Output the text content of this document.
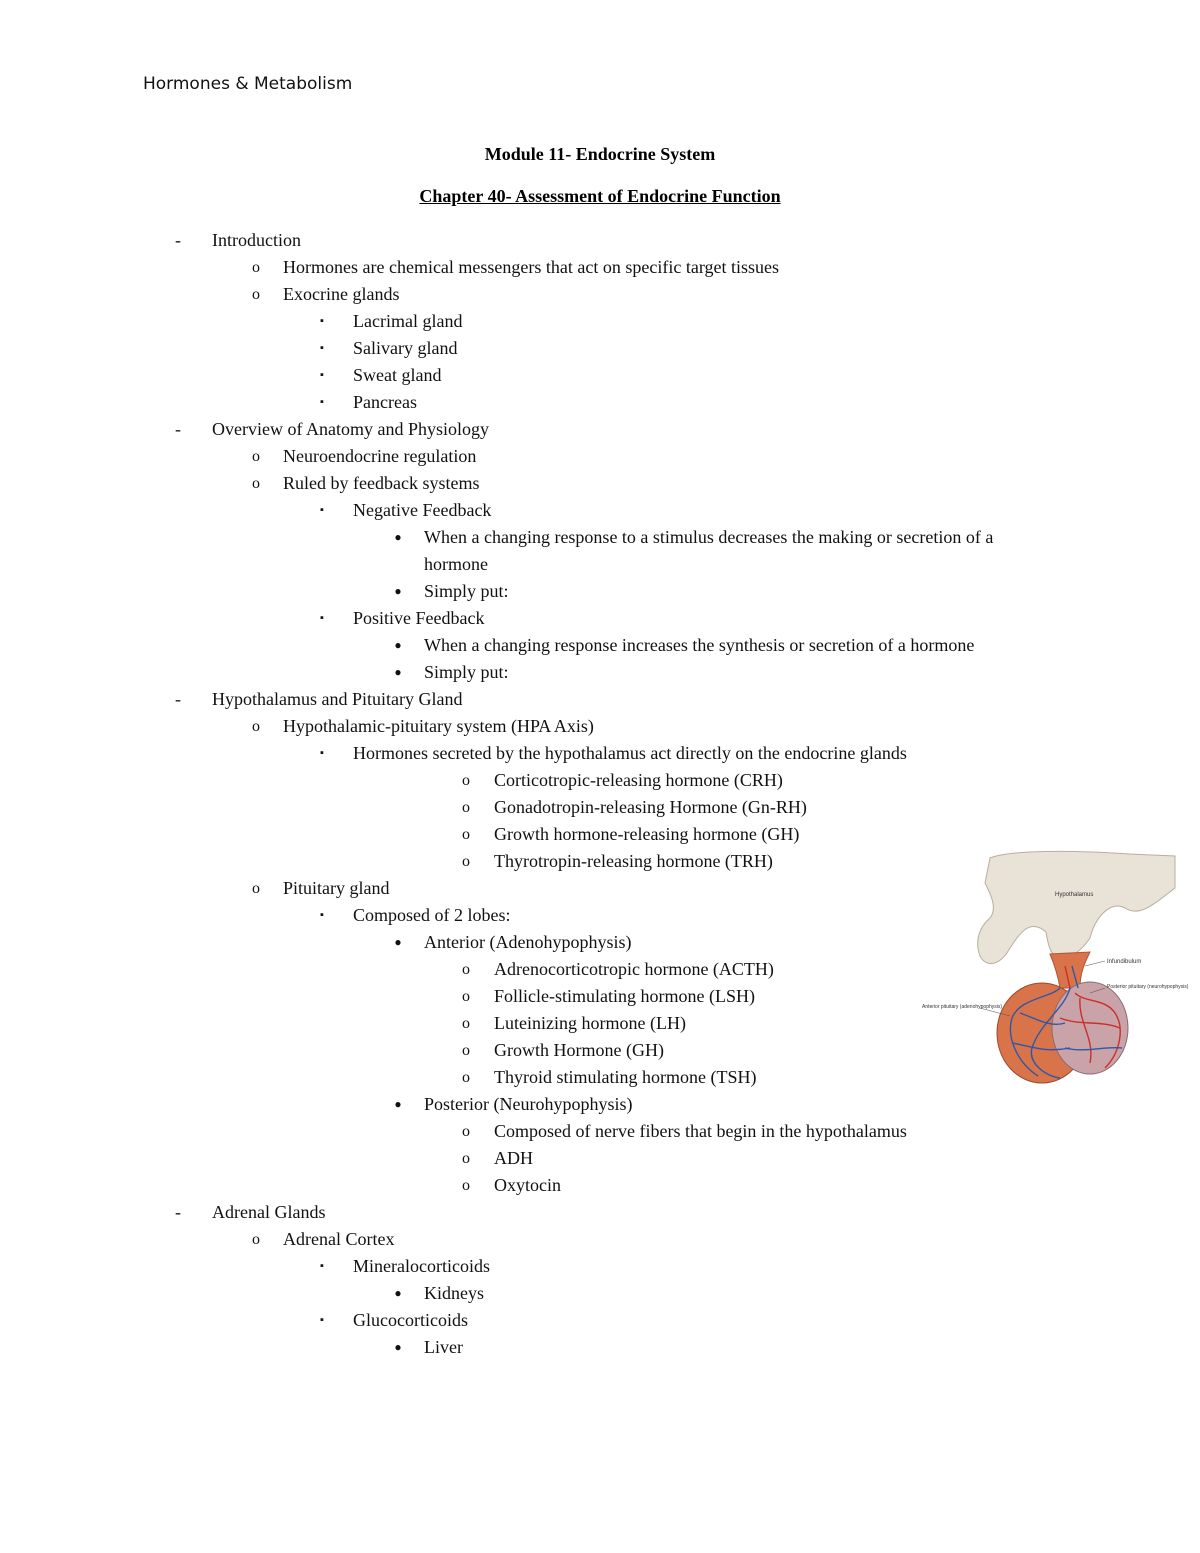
Hormones & Metabolism
Module 11- Endocrine System
Chapter 40- Assessment of Endocrine Function
-	Introduction
o	Hormones are chemical messengers that act on specific target tissues
o	Exocrine glands
▪	Lacrimal gland
▪	Salivary gland
▪	Sweat gland
▪	Pancreas
-	Overview of Anatomy and Physiology
o	Neuroendocrine regulation
o	Ruled by feedback systems
▪	Negative Feedback
●	When a changing response to a stimulus decreases the making or secretion of a hormone
●	Simply put:
▪	Positive Feedback
●	When a changing response increases the synthesis or secretion of a hormone
●	Simply put:
-	Hypothalamus and Pituitary Gland
o	Hypothalamic-pituitary system (HPA Axis)
▪	Hormones secreted by the hypothalamus act directly on the endocrine glands
o	Corticotropic-releasing hormone (CRH)
o	Gonadotropin-releasing Hormone (Gn-RH)
o	Growth hormone-releasing hormone (GH)
o	Thyrotropin-releasing hormone (TRH)
o	Pituitary gland
▪	Composed of 2 lobes:
●	Anterior (Adenohypophysis)
o	Adrenocorticotropic hormone (ACTH)
o	Follicle-stimulating hormone (LSH)
o	Luteinizing hormone (LH)
o	Growth Hormone (GH)
o	Thyroid stimulating hormone (TSH)
●	Posterior (Neurohypophysis)
o	Composed of nerve fibers that begin in the hypothalamus
o	ADH
o	Oxytocin
-	Adrenal Glands
o	Adrenal Cortex
▪	Mineralocorticoids
●	Kidneys
▪	Glucocorticoids
●	Liver
Hypothalamus
Infundibulum
Posterior pituitary (neurohypophysis)
Anterior pituitary (adenohypophysis)
